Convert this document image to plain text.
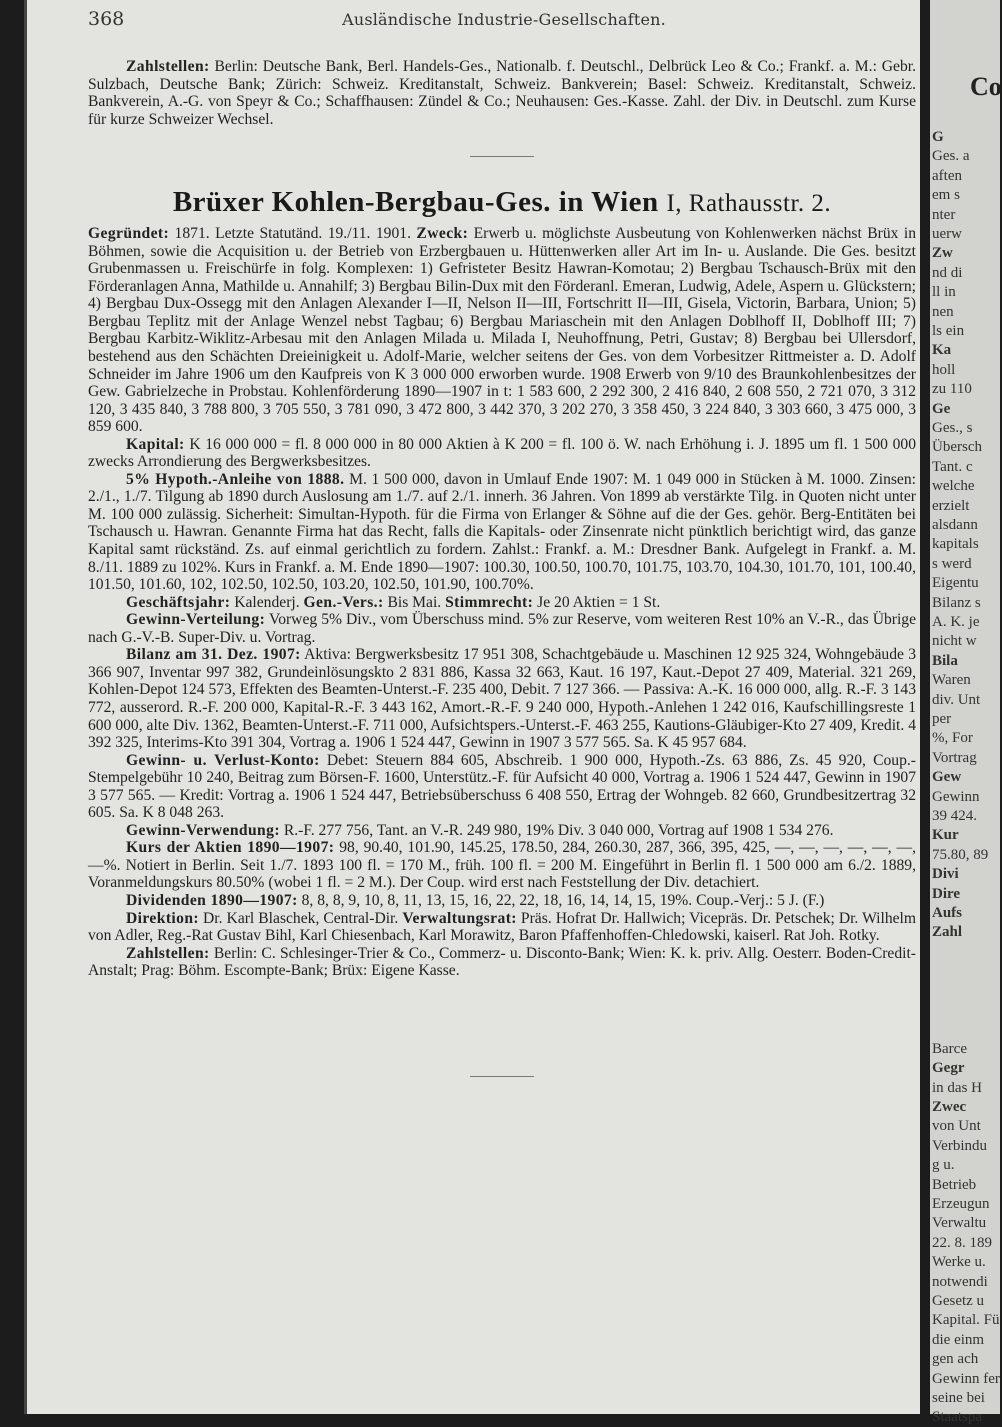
368	Ausländische Industrie-Gesellschaften.

Zahlstellen: Berlin: Deutsche Bank, Berl. Handels-Ges., Nationalb. f. Deutschl., Delbrück Leo & Co.; Frankf. a. M.: Gebr. Sulzbach, Deutsche Bank; Zürich: Schweiz. Kreditanstalt, Schweiz. Bankverein; Basel: Schweiz. Kreditanstalt, Schweiz. Bankverein, A.-G. von Speyr & Co.; Schaffhausen: Zündel & Co.; Neuhausen: Ges.-Kasse. Zahl. der Div. in Deutschl. zum Kurse für kurze Schweizer Wechsel.

Brüxer Kohlen-Bergbau-Ges. in Wien I, Rathausstr. 2.

Gegründet: 1871. Letzte Statutänd. 19./11. 1901. Zweck: Erwerb u. möglichste Ausbeutung von Kohlenwerken nächst Brüx in Böhmen, sowie die Acquisition u. der Betrieb von Erzbergbauen u. Hüttenwerken aller Art im In- u. Auslande. Die Ges. besitzt Grubenmassen u. Freischürfe in folg. Komplexen: 1) Gefristeter Besitz Hawran-Komotau; 2) Bergbau Tschausch-Brüx mit den Förderanlagen Anna, Mathilde u. Annahilf; 3) Bergbau Bilin-Dux mit den Förderanl. Emeran, Ludwig, Adele, Aspern u. Glückstern; 4) Bergbau Dux-Ossegg mit den Anlagen Alexander I—II, Nelson II—III, Fortschritt II—III, Gisela, Victorin, Barbara, Union; 5) Bergbau Teplitz mit der Anlage Wenzel nebst Tagbau; 6) Bergbau Mariaschein mit den Anlagen Doblhoff II, Doblhoff III; 7) Bergbau Karbitz-Wiklitz-Arbesau mit den Anlagen Milada u. Milada I, Neuhoffnung, Petri, Gustav; 8) Bergbau bei Ullersdorf, bestehend aus den Schächten Dreieinigkeit u. Adolf-Marie, welcher seitens der Ges. von dem Vorbesitzer Rittmeister a. D. Adolf Schneider im Jahre 1906 um den Kaufpreis von K 3 000 000 erworben wurde. 1908 Erwerb von 9/10 des Braunkohlenbesitzes der Gew. Gabrielzeche in Probstau. Kohlenförderung 1890—1907 in t: 1 583 600, 2 292 300, 2 416 840, 2 608 550, 2 721 070, 3 312 120, 3 435 840, 3 788 800, 3 705 550, 3 781 090, 3 472 800, 3 442 370, 3 202 270, 3 358 450, 3 224 840, 3 303 660, 3 475 000, 3 859 600.

Kapital: K 16 000 000 = fl. 8 000 000 in 80 000 Aktien à K 200 = fl. 100 ö. W. nach Erhöhung i. J. 1895 um fl. 1 500 000 zwecks Arrondierung des Bergwerksbesitzes.

5% Hypoth.-Anleihe von 1888. M. 1 500 000, davon in Umlauf Ende 1907: M. 1 049 000 in Stücken à M. 1000. Zinsen: 2./1., 1./7. Tilgung ab 1890 durch Auslosung am 1./7. auf 2./1. innerh. 36 Jahren. Von 1899 ab verstärkte Tilg. in Quoten nicht unter M. 100 000 zulässig. Sicherheit: Simultan-Hypoth. für die Firma von Erlanger & Söhne auf die der Ges. gehör. Berg-Entitäten bei Tschausch u. Hawran. Genannte Firma hat das Recht, falls die Kapitals- oder Zinsenrate nicht pünktlich berichtigt wird, das ganze Kapital samt rückständ. Zs. auf einmal gerichtlich zu fordern. Zahlst.: Frankf. a. M.: Dresdner Bank. Aufgelegt in Frankf. a. M. 8./11. 1889 zu 102%. Kurs in Frankf. a. M. Ende 1890—1907: 100.30, 100.50, 100.70, 101.75, 103.70, 104.30, 101.70, 101, 100.40, 101.50, 101.60, 102, 102.50, 102.50, 103.20, 102.50, 101.90, 100.70%.

Geschäftsjahr: Kalenderj. Gen.-Vers.: Bis Mai. Stimmrecht: Je 20 Aktien = 1 St.

Gewinn-Verteilung: Vorweg 5% Div., vom Überschuss mind. 5% zur Reserve, vom weiteren Rest 10% an V.-R., das Übrige nach G.-V.-B. Super-Div. u. Vortrag.

Bilanz am 31. Dez. 1907: Aktiva: Bergwerksbesitz 17 951 308, Schachtgebäude u. Maschinen 12 925 324, Wohngebäude 3 366 907, Inventar 997 382, Grundeinlösungskto 2 831 886, Kassa 32 663, Kaut. 16 197, Kaut.-Depot 27 409, Material. 321 269, Kohlen-Depot 124 573, Effekten des Beamten-Unterst.-F. 235 400, Debit. 7 127 366. — Passiva: A.-K. 16 000 000, allg. R.-F. 3 143 772, ausserord. R.-F. 200 000, Kapital-R.-F. 3 443 162, Amort.-R.-F. 9 240 000, Hypoth.-Anlehen 1 242 016, Kaufschillingsreste 1 600 000, alte Div. 1362, Beamten-Unterst.-F. 711 000, Aufsichtspers.-Unterst.-F. 463 255, Kautions-Gläubiger-Kto 27 409, Kredit. 4 392 325, Interims-Kto 391 304, Vortrag a. 1906 1 524 447, Gewinn in 1907 3 577 565. Sa. K 45 957 684.

Gewinn- u. Verlust-Konto: Debet: Steuern 884 605, Abschreib. 1 900 000, Hypoth.-Zs. 63 886, Zs. 45 920, Coup.-Stempelgebühr 10 240, Beitrag zum Börsen-F. 1600, Unterstütz.-F. für Aufsicht 40 000, Vortrag a. 1906 1 524 447, Gewinn in 1907 3 577 565. — Kredit: Vortrag a. 1906 1 524 447, Betriebsüberschuss 6 408 550, Ertrag der Wohngeb. 82 660, Grundbesitzertrag 32 605. Sa. K 8 048 263.

Gewinn-Verwendung: R.-F. 277 756, Tant. an V.-R. 249 980, 19% Div. 3 040 000, Vortrag auf 1908 1 534 276.

Kurs der Aktien 1890—1907: 98, 90.40, 101.90, 145.25, 178.50, 284, 260.30, 287, 366, 395, 425, —, —, —, —, —, —, —%. Notiert in Berlin. Seit 1./7. 1893 100 fl. = 170 M., früh. 100 fl. = 200 M. Eingeführt in Berlin fl. 1 500 000 am 6./2. 1889, Voranmeldungskurs 80.50% (wobei 1 fl. = 2 M.). Der Coup. wird erst nach Feststellung der Div. detachiert.

Dividenden 1890—1907: 8, 8, 8, 9, 10, 8, 11, 13, 15, 16, 22, 22, 18, 16, 14, 14, 15, 19%. Coup.-Verj.: 5 J. (F.)

Direktion: Dr. Karl Blaschek, Central-Dir. Verwaltungsrat: Präs. Hofrat Dr. Hallwich; Vicepräs. Dr. Petschek; Dr. Wilhelm von Adler, Reg.-Rat Gustav Bihl, Karl Chiesenbach, Karl Morawitz, Baron Pfaffenhoffen-Chledowski, kaiserl. Rat Joh. Rotky.

Zahlstellen: Berlin: C. Schlesinger-Trier & Co., Commerz- u. Disconto-Bank; Wien: K. k. priv. Allg. Oesterr. Boden-Credit-Anstalt; Prag: Böhm. Escompte-Bank; Brüx: Eigene Kasse.

Co
G
Ges. a
aften
em s
nter
uerw
Zw
nd di
ll in
nen
ls ein
Ka
holl
zu 110
Ge
Ges., s
Übersch
Tant. c
welche
erzielt
alsdann
kapitals
s werd
Eigentu
Bilanz s
A. K. je
nicht w
Bila
Waren
div. Unt
per
%, For
Vortrag
Gew
Gewinn
39 424.
Kur
75.80, 89
Divi
Dire
Aufs
Zahl
Barce
Gegr
in das H
Zwec
von Unt
Verbindu
g u.
Betrieb
Erzeugun
Verwaltu
22. 8. 189
Werke u.
notwendi
Gesetz u
Kapital. Fü
die einm
gen ach
Gewinn fer
seine bei
Staatspa
